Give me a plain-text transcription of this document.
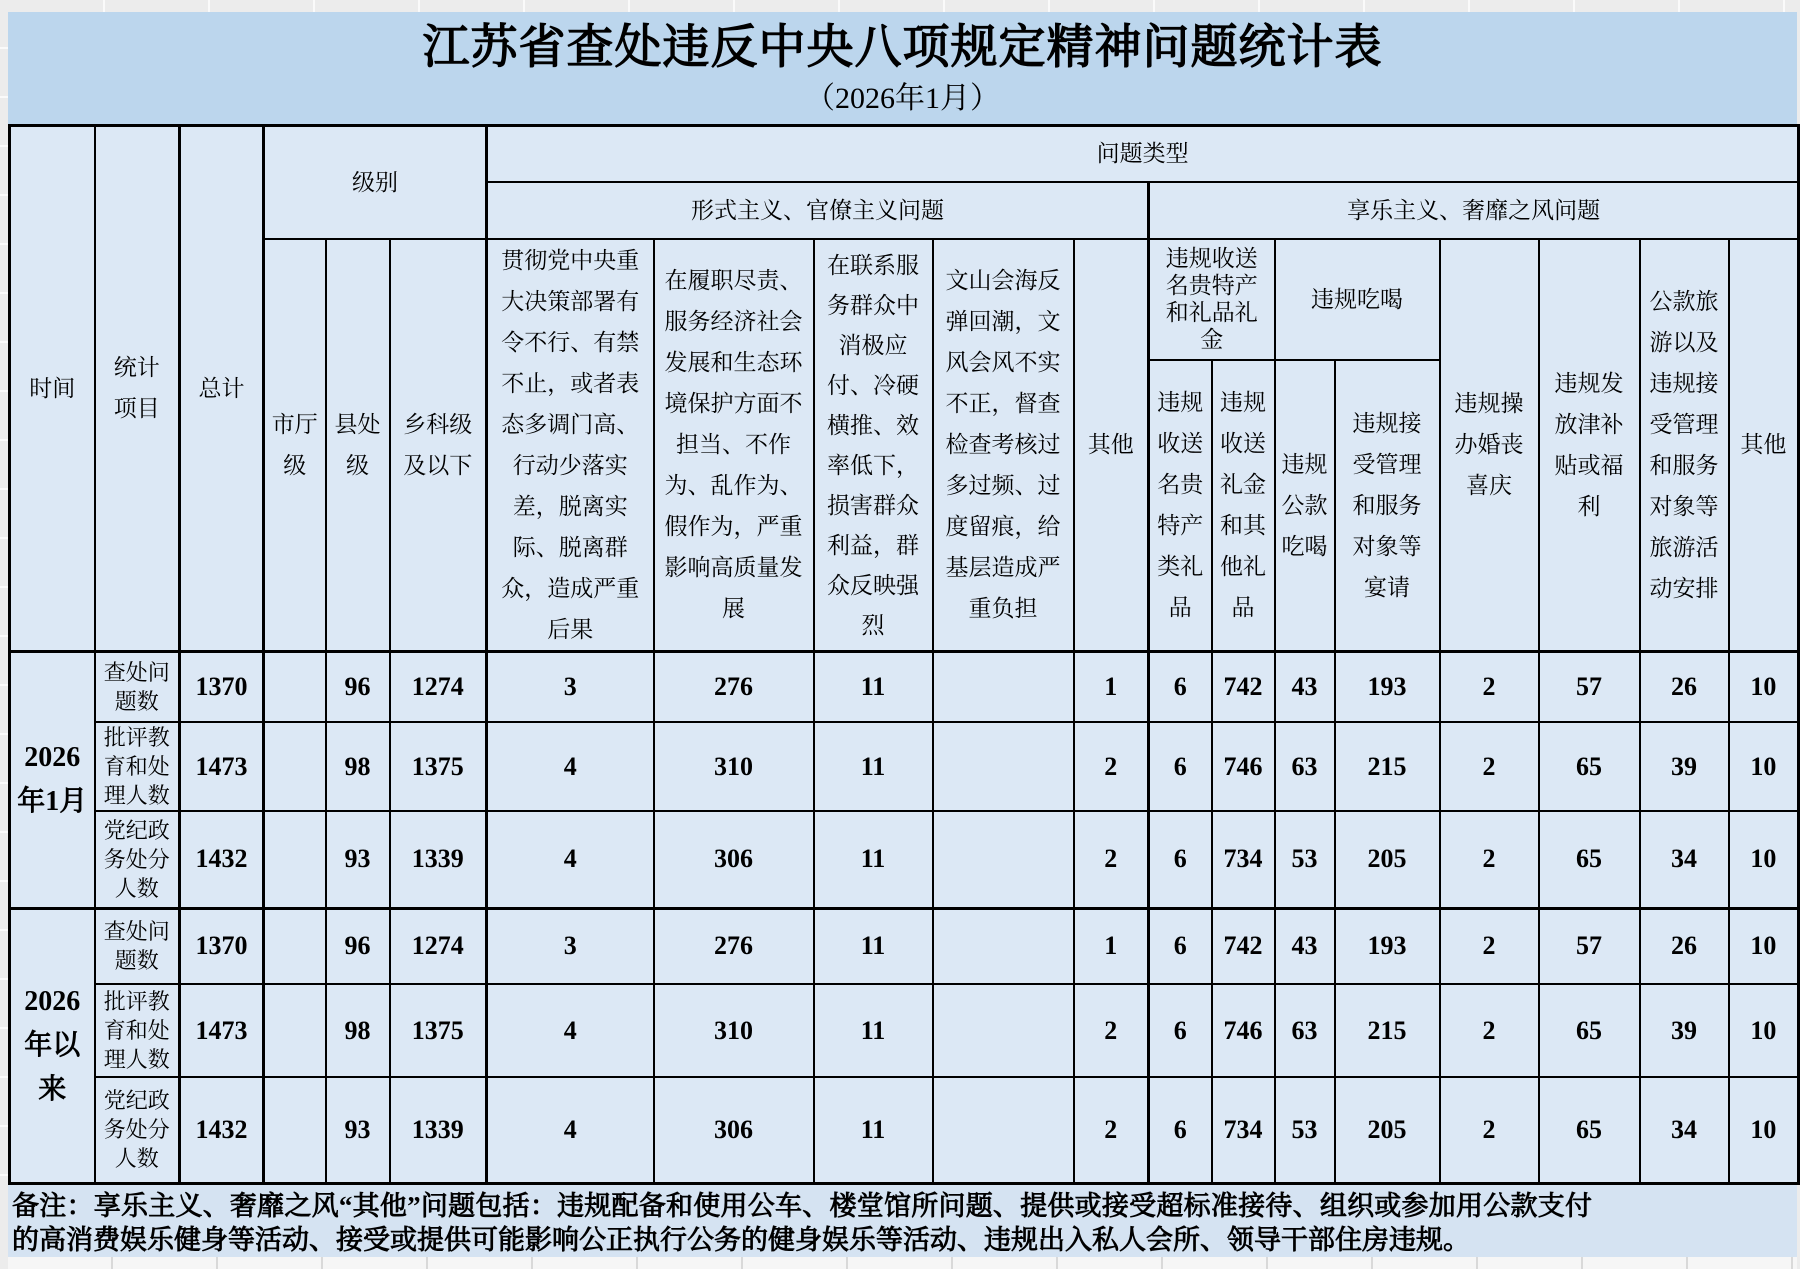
江苏省查处违反中央八项规定精神问题统计表
（2026年1月）
时间	统计项目	总计	级别			问题类型												
						形式主义、官僚主义问题					享乐主义、奢靡之风问题							
			市厅级	县处级	乡科级及以下	贯彻党中央重大决策部署有令不行、有禁不止，或者表态多调门高、行动少落实差，脱离实际、脱离群众，造成严重后果	在履职尽责、服务经济社会发展和生态环境保护方面不担当、不作为、乱作为、假作为，严重影响高质量发展	在联系服务群众中消极应付、冷硬横推、效率低下，损害群众利益，群众反映强烈	文山会海反弹回潮，文风会风不实不正，督查检查考核过多过频、过度留痕，给基层造成严重负担	其他	违规收送名贵特产和礼品礼金		违规吃喝		违规操办婚丧喜庆	违规发放津补贴或福利	公款旅游以及违规接受管理和服务对象等旅游活动安排	其他
											违规收送名贵特产类礼品	违规收送礼金和其他礼品	违规公款吃喝	违规接受管理和服务对象等宴请				
2026年1月	查处问题数	1370		96	1274	3	276	11		1	6	742	43	193	2	57	26	10
	批评教育和处理人数	1473		98	1375	4	310	11		2	6	746	63	215	2	65	39	10
	党纪政务处分人数	1432		93	1339	4	306	11		2	6	734	53	205	2	65	34	10
2026年以来	查处问题数	1370		96	1274	3	276	11		1	6	742	43	193	2	57	26	10
	批评教育和处理人数	1473		98	1375	4	310	11		2	6	746	63	215	2	65	39	10
	党纪政务处分人数	1432		93	1339	4	306	11		2	6	734	53	205	2	65	34	10
备注：享乐主义、奢靡之风“其他”问题包括：违规配备和使用公车、楼堂馆所问题、提供或接受超标准接待、组织或参加用公款支付的高消费娱乐健身等活动、接受或提供可能影响公正执行公务的健身娱乐等活动、违规出入私人会所、领导干部住房违规。
